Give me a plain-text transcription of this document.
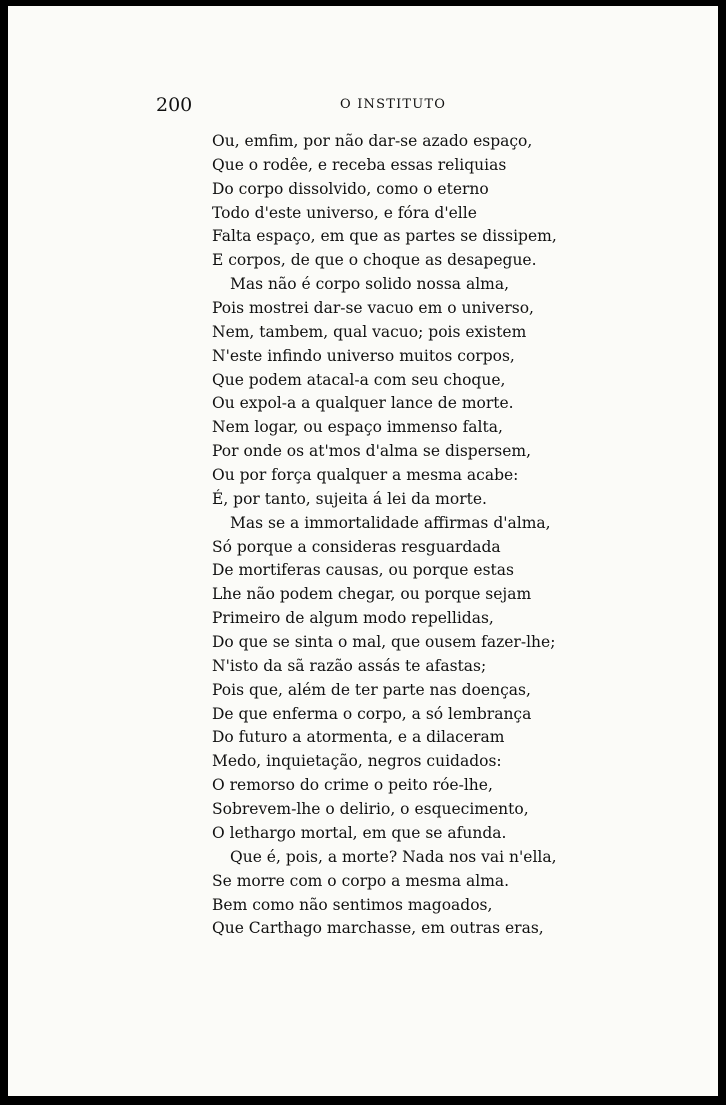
200	O INSTITUTO
Ou, emfim, por não dar-se azado espaço,
Que o rodêe, e receba essas reliquias
Do corpo dissolvido, como o eterno
Todo d'este universo, e fóra d'elle
Falta espaço, em que as partes se dissipem,
E corpos, de que o choque as desapegue.
Mas não é corpo solido nossa alma,
Pois mostrei dar-se vacuo em o universo,
Nem, tambem, qual vacuo; pois existem
N'este infindo universo muitos corpos,
Que podem atacal-a com seu choque,
Ou expol-a a qualquer lance de morte.
Nem logar, ou espaço immenso falta,
Por onde os at'mos d'alma se dispersem,
Ou por força qualquer a mesma acabe:
É, por tanto, sujeita á lei da morte.
Mas se a immortalidade affirmas d'alma,
Só porque a consideras resguardada
De mortiferas causas, ou porque estas
Lhe não podem chegar, ou porque sejam
Primeiro de algum modo repellidas,
Do que se sinta o mal, que ousem fazer-lhe;
N'isto da sã razão assás te afastas;
Pois que, além de ter parte nas doenças,
De que enferma o corpo, a só lembrança
Do futuro a atormenta, e a dilaceram
Medo, inquietação, negros cuidados:
O remorso do crime o peito róe-lhe,
Sobrevem-lhe o delirio, o esquecimento,
O lethargo mortal, em que se afunda.
Que é, pois, a morte? Nada nos vai n'ella,
Se morre com o corpo a mesma alma.
Bem como não sentimos magoados,
Que Carthago marchasse, em outras eras,
